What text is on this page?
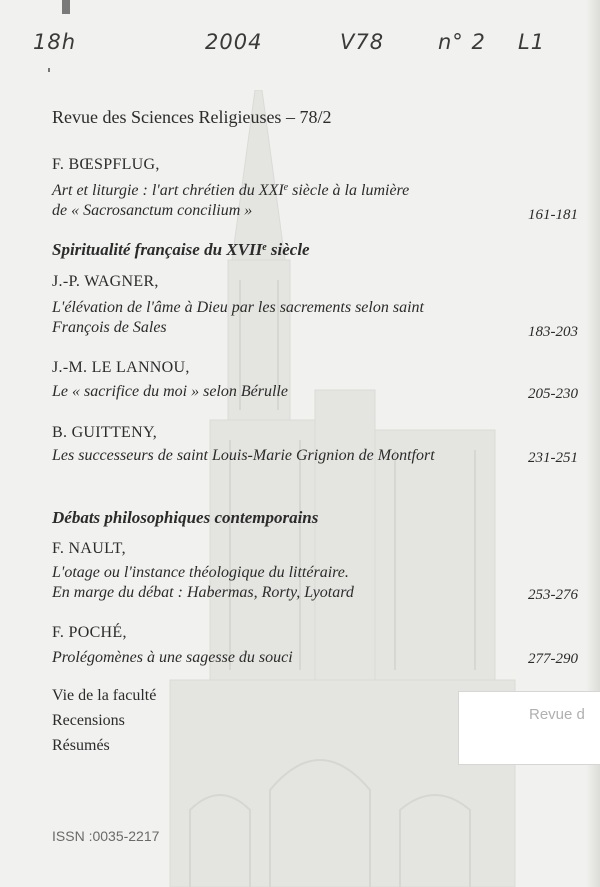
18h	2004	V78	n° 2 L1
Revue des Sciences Religieuses – 78/2
F. BŒSPFLUG,
Art et liturgie : l'art chrétien du XXIe siècle à la lumière
de « Sacrosanctum concilium »	161-181
Spiritualité française du XVIIe siècle
J.-P. WAGNER,
L'élévation de l'âme à Dieu par les sacrements selon saint
François de Sales	183-203
J.-M. LE LANNOU,
Le « sacrifice du moi » selon Bérulle	205-230
B. GUITTENY,
Les successeurs de saint Louis-Marie Grignion de Montfort	231-251
Débats philosophiques contemporains
F. NAULT,
L'otage ou l'instance théologique du littéraire.
En marge du débat : Habermas, Rorty, Lyotard	253-276
F. POCHÉ,
Prolégomènes à une sagesse du souci	277-290
Vie de la faculté
Recensions
Résumés
Revue d
ISSN :0035-2217
